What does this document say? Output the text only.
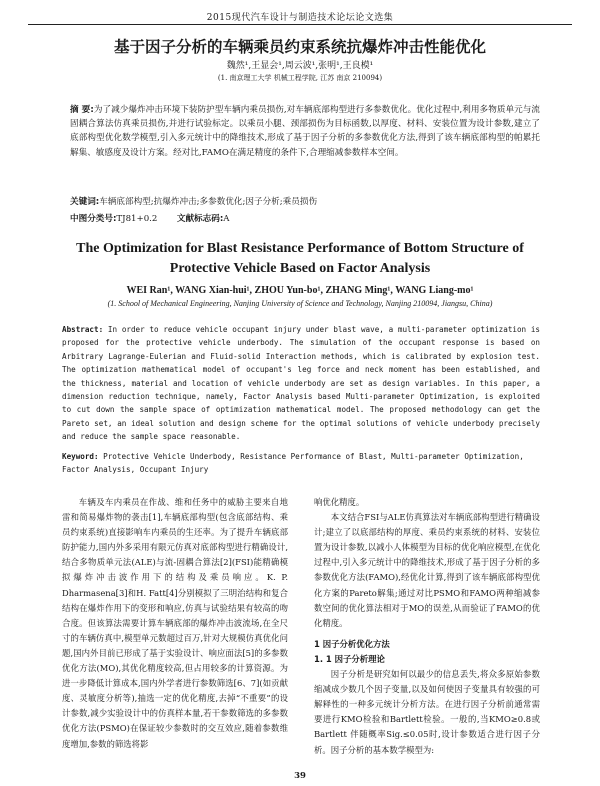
2015现代汽车设计与制造技术论坛论文选集
基于因子分析的车辆乘员约束系统抗爆炸冲击性能优化
魏然¹,王显会¹,周云波¹,张明¹,王良模¹
(1. 南京理工大学 机械工程学院, 江苏 南京 210094)
摘 要:为了减少爆炸冲击环境下装防护型车辆内乘员损伤,对车辆底部构型进行多参数优化。优化过程中,利用多物质单元与流 固耦合算法仿真乘员损伤,并进行试验标定。以乘员小腿、颈部损伤为目标函数,以厚度、材料、安装位置为设计参数,建立了底部构型优化数学模型,引入多元统计中的降维技术,形成了基于因子分析的多参数优化方法,得到了该车辆底部构型的帕累托解集、敏感度及设计方案。经对比,FAMO在满足精度的条件下,合理缩减参数样本空间。
关键词:车辆底部构型;抗爆炸冲击;多参数优化;因子分析;乘员损伤
中图分类号:TJ81+0.2 文献标志码:A
The Optimization for Blast Resistance Performance of Bottom Structure of Protective Vehicle Based on Factor Analysis
WEI Ran¹, WANG Xian-hui¹, ZHOU Yun-bo¹, ZHANG Ming¹, WANG Liang-mo¹
(1. School of Mechanical Engineering, Nanjing University of Science and Technology, Nanjing 210094, Jiangsu, China)
Abstract: In order to reduce vehicle occupant injury under blast wave, a multi-parameter optimization is proposed for the protective vehicle underbody. The simulation of the occupant response is based on Arbitrary Lagrange-Eulerian and Fluid-solid Interaction methods, which is calibrated by explosion test. The optimization mathematical model of occupant's leg force and neck moment has been established, and the thickness, material and location of vehicle underbody are set as design variables. In this paper, a dimension reduction technique, namely, Factor Analysis based Multi-parameter Optimization, is exploited to cut down the sample space of optimization mathematical model. The proposed methodology can get the Pareto set, an ideal solution and design scheme for the optimal solutions of vehicle underbody precisely and reduce the sample space reasonable.
Keyword: Protective Vehicle Underbody, Resistance Performance of Blast, Multi-parameter Optimization, Factor Analysis, Occupant Injury

车辆及车内乘员在作战、维和任务中的威胁主要来自地雷和简易爆炸物的袭击[1],车辆底部构型(包含底部结构、乘员约束系统)直接影响车内乘员的生还率。为了提升车辆底部防护能力,国内外多采用有限元仿真对底部构型进行精确设计,结合多物质单元法(ALE)与流-固耦合算法[2](FSI)能精确模拟爆炸冲击波作用下的结构及乘员响应。K. P. Dharmasena[3]和H. Fatt[4]分别模拟了三明治结构和复合结构在爆炸作用下的变形和响应,仿真与试验结果有较高的吻合度。但该算法需要计算车辆底部的爆炸冲击波流场,在全尺寸的车辆仿真中,模型单元数超过百万,针对大规模仿真优化问题,国内外目前已形成了基于实验设计、响应面法[5]的多参数优化方法(MO),其优化精度较高,但占用较多的计算资源。为进一步降低计算成本,国内外学者进行参数筛选[6、7](如贡献度、灵敏度分析等),抽选一定的优化精度,去掉“不重要”的设计参数,减少实验设计中的仿真样本量,若干参数筛选的多参数优化方法(PSMO)在保证较少参数时的交互效应,随着参数维度增加,参数的筛选将影

响优化精度。

本文结合FSI与ALE仿真算法对车辆底部构型进行精确设计;建立了以底部结构的厚度、乘员约束系统的材料、安装位置为设计参数,以减小人体模型为目标的优化响应模型,在优化过程中,引入多元统计中的降维技术,形成了基于因子分析的多参数优化方法(FAMO),经优化计算,得到了该车辆底部构型优化方案的Pareto解集;通过对比PSMO和FAMO两种缩减参数空间的优化算法相对于MO的误差,从而验证了FAMO的优化精度。

1 因子分析优化方法

1. 1 因子分析理论

因子分析是研究如何以最少的信息丢失,将众多原始参数缩减成少数几个因子变量,以及如何使因子变量具有较强的可解释性的一种多元统计分析方法。在进行因子分析前通常需要进行KMO检验和Bartlett检验。一般的,当KMO≥0.8或Bartlett 伴随概率Sig.≤0.05时,设计参数适合进行因子分析。因子分析的基本数学模型为:

39
